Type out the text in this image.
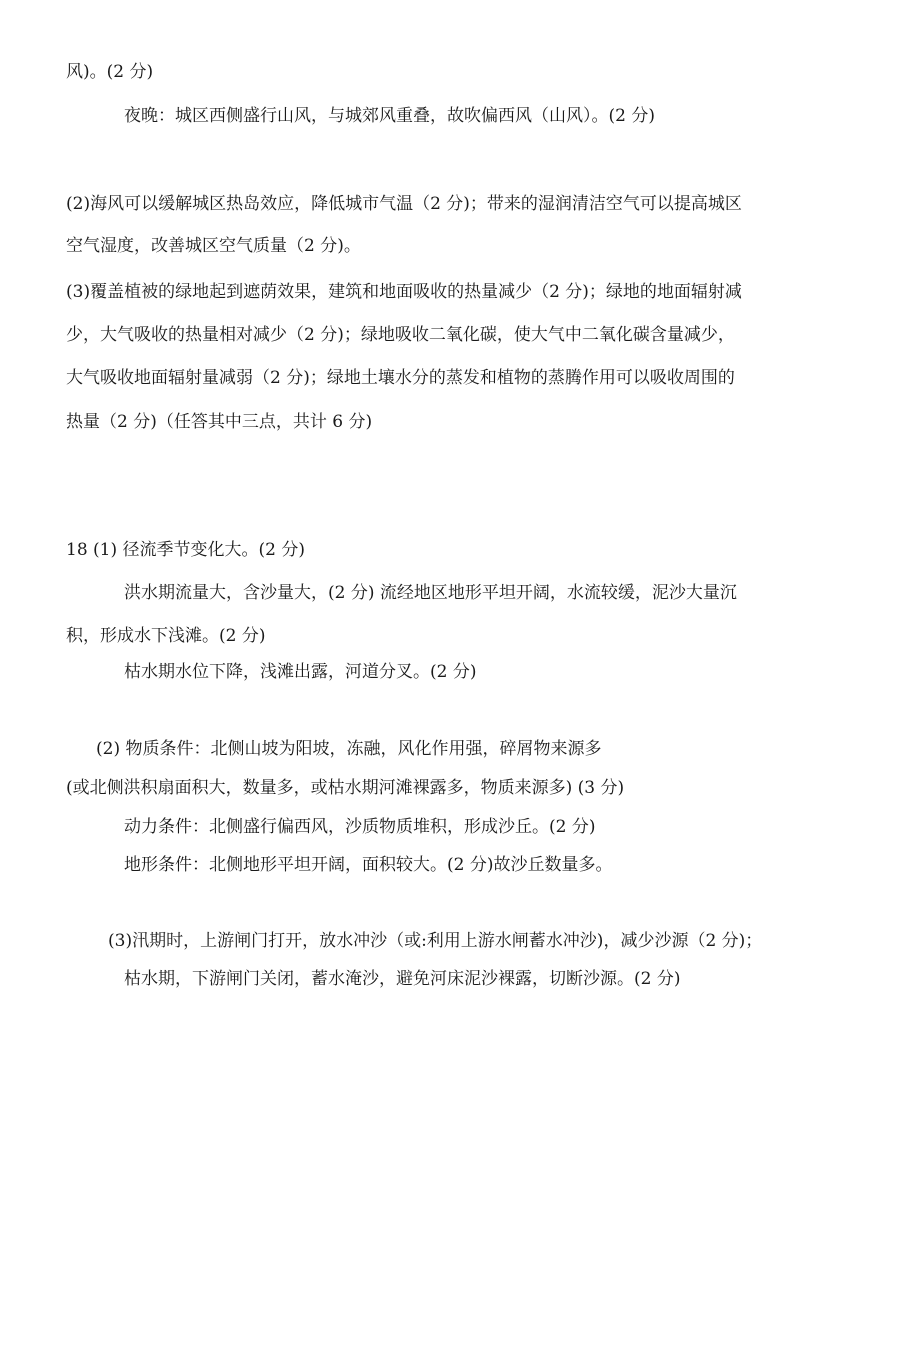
风)。(2 分)
夜晚：城区西侧盛行山风，与城郊风重叠，故吹偏西风（山风）。(2 分)
(2)海风可以缓解城区热岛效应，降低城市气温（2 分)；带来的湿润清洁空气可以提高城区
空气湿度，改善城区空气质量（2 分)。
(3)覆盖植被的绿地起到遮荫效果，建筑和地面吸收的热量减少（2 分)；绿地的地面辐射减
少，大气吸收的热量相对减少（2 分)；绿地吸收二氧化碳，使大气中二氧化碳含量减少，
大气吸收地面辐射量减弱（2 分)；绿地土壤水分的蒸发和植物的蒸腾作用可以吸收周围的
热量（2 分)（任答其中三点，共计 6 分)
18 (1) 径流季节变化大。(2 分)
洪水期流量大，含沙量大，(2 分) 流经地区地形平坦开阔，水流较缓，泥沙大量沉
积，形成水下浅滩。(2 分)
枯水期水位下降，浅滩出露，河道分叉。(2 分)
(2) 物质条件：北侧山坡为阳坡，冻融，风化作用强，碎屑物来源多
(或北侧洪积扇面积大，数量多，或枯水期河滩裸露多，物质来源多) (3 分)
动力条件：北侧盛行偏西风，沙质物质堆积，形成沙丘。(2 分)
地形条件：北侧地形平坦开阔，面积较大。(2 分)故沙丘数量多。
(3)汛期时，上游闸门打开，放水冲沙（或:利用上游水闸蓄水冲沙)，减少沙源（2 分)；
枯水期，下游闸门关闭，蓄水淹沙，避免河床泥沙裸露，切断沙源。(2 分)
